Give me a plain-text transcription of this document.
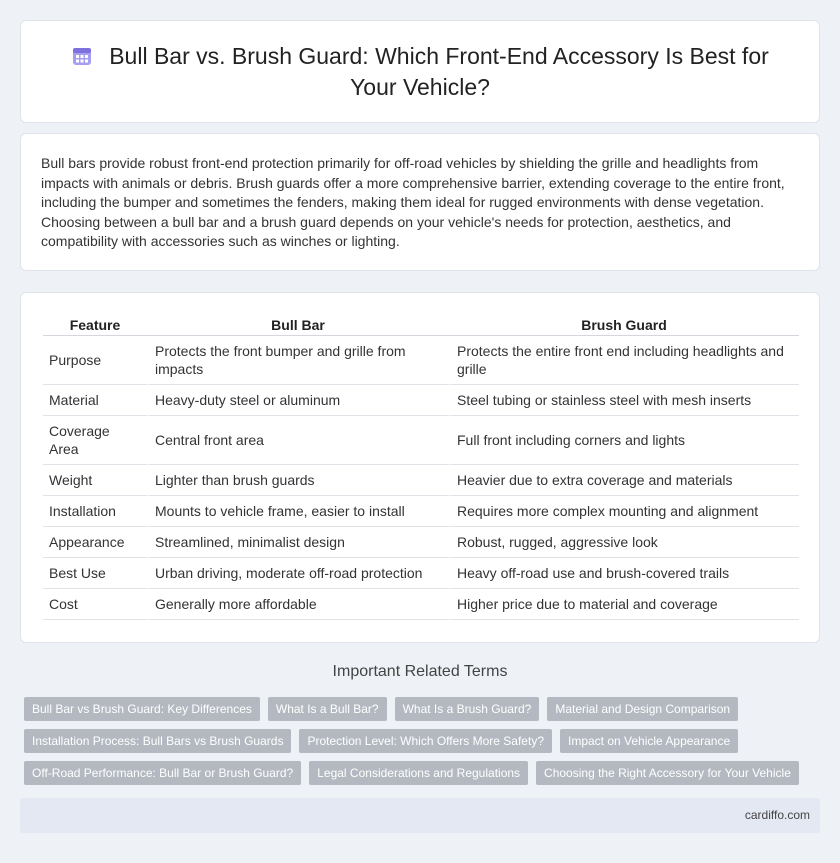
Bull Bar vs. Brush Guard: Which Front-End Accessory Is Best for Your Vehicle?

Bull bars provide robust front-end protection primarily for off-road vehicles by shielding the grille and headlights from impacts with animals or debris. Brush guards offer a more comprehensive barrier, extending coverage to the entire front, including the bumper and sometimes the fenders, making them ideal for rugged environments with dense vegetation. Choosing between a bull bar and a brush guard depends on your vehicle's needs for protection, aesthetics, and compatibility with accessories such as winches or lighting.

Feature	Bull Bar	Brush Guard
Purpose	Protects the front bumper and grille from impacts	Protects the entire front end including headlights and grille
Material	Heavy-duty steel or aluminum	Steel tubing or stainless steel with mesh inserts
Coverage Area	Central front area	Full front including corners and lights
Weight	Lighter than brush guards	Heavier due to extra coverage and materials
Installation	Mounts to vehicle frame, easier to install	Requires more complex mounting and alignment
Appearance	Streamlined, minimalist design	Robust, rugged, aggressive look
Best Use	Urban driving, moderate off-road protection	Heavy off-road use and brush-covered trails
Cost	Generally more affordable	Higher price due to material and coverage
Important Related Terms
Bull Bar vs Brush Guard: Key Differences	What Is a Bull Bar?	What Is a Brush Guard?	Material and Design Comparison
Installation Process: Bull Bars vs Brush Guards	Protection Level: Which Offers More Safety?	Impact on Vehicle Appearance
Off-Road Performance: Bull Bar or Brush Guard?	Legal Considerations and Regulations	Choosing the Right Accessory for Your Vehicle
cardiffo.com
